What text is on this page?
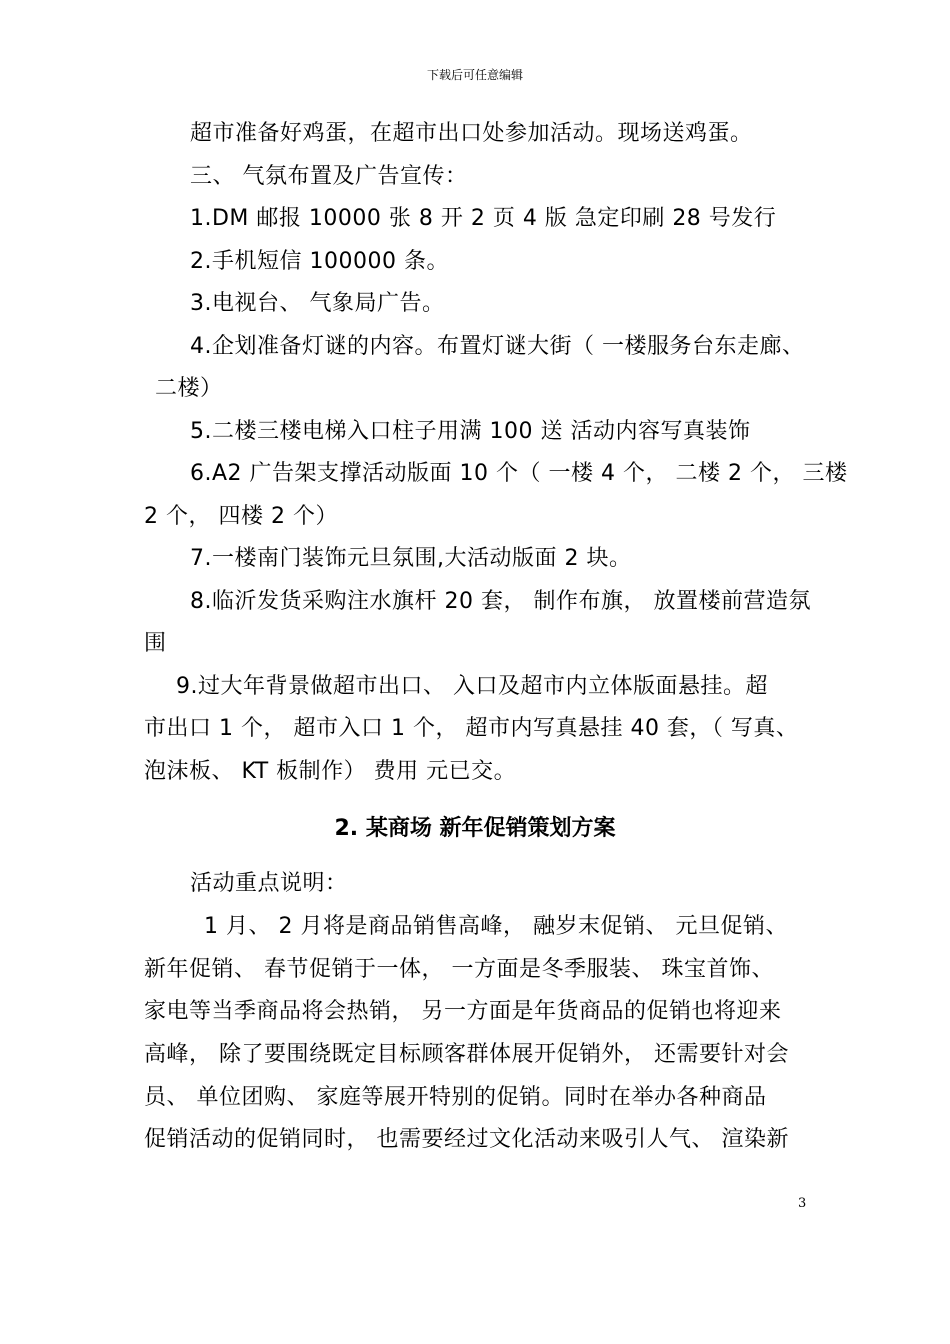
下载后可任意编辑
超市准备好鸡蛋，在超市出口处参加活动。现场送鸡蛋。
三、 气氛布置及广告宣传：
1.DM 邮报 10000 张 8 开 2 页 4 版 急定印刷 28 号发行
2.手机短信 100000 条。
3.电视台、 气象局广告。
4.企划准备灯谜的内容。布置灯谜大街（ 一楼服务台东走廊、
二楼）
5.二楼三楼电梯入口柱子用满 100 送 活动内容写真装饰
6.A2 广告架支撑活动版面 10 个（ 一楼 4 个， 二楼 2 个， 三楼
2 个， 四楼 2 个）
7.一楼南门装饰元旦氛围,大活动版面 2 块。
8.临沂发货采购注水旗杆 20 套， 制作布旗， 放置楼前营造氛
围
9.过大年背景做超市出口、 入口及超市内立体版面悬挂。超
市出口 1 个， 超市入口 1 个， 超市内写真悬挂 40 套，（ 写真、
泡沫板、 KT 板制作） 费用 元已交。
2. 某商场 新年促销策划方案
活动重点说明：
1 月、 2 月将是商品销售高峰， 融岁末促销、 元旦促销、
新年促销、 春节促销于一体， 一方面是冬季服装、 珠宝首饰、
家电等当季商品将会热销， 另一方面是年货商品的促销也将迎来
高峰， 除了要围绕既定目标顾客群体展开促销外， 还需要针对会
员、 单位团购、 家庭等展开特别的促销。同时在举办各种商品
促销活动的促销同时， 也需要经过文化活动来吸引人气、 渲染新
3
